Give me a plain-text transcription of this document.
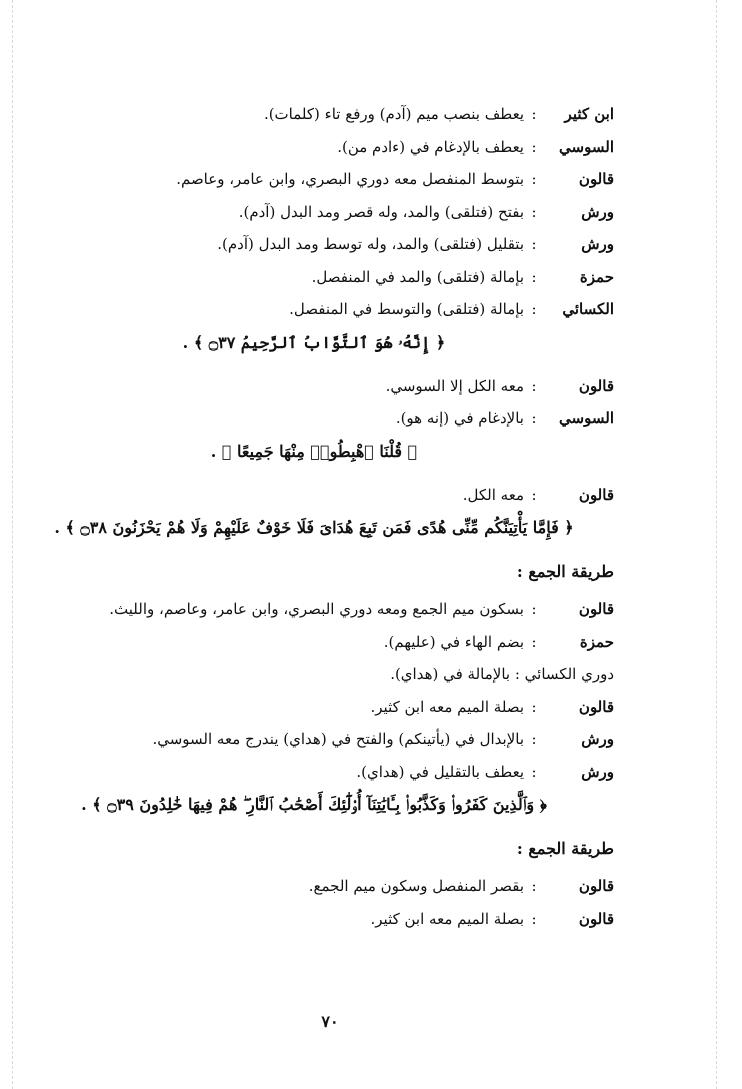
ابن كثير
:
يعطف بنصب ميم (آدم) ورفع تاء (كلمات).
السوسي
:
يعطف بالإدغام في (ءادم من).
قالون
:
بتوسط المنفصل معه دوري البصري، وابن عامر، وعاصم.
ورش
:
بفتح (فتلقى) والمد، وله قصر ومد البدل (آدم).
ورش
:
بتقليل (فتلقى) والمد، وله توسط ومد البدل (آدم).
حمزة
:
بإمالة (فتلقى) والمد في المنفصل.
الكسائي
:
بإمالة (فتلقى) والتوسط في المنفصل.
﴿ إِنَّهُۥ هُوَ ٱلتَّوَّابُ ٱلرَّحِيمُ ۝٣٧ ﴾ .
قالون
:
معه الكل إلا السوسي.
السوسي
:
بالإدغام في (إنه هو).
﴿ قُلْنَا ٱهْبِطُوا۟ مِنْهَا جَمِيعًا ﴾ .
قالون
:
معه الكل.
﴿ فَإِمَّا يَأْتِيَنَّكُم مِّنِّى هُدًى فَمَن تَبِعَ هُدَاىَ فَلَا خَوْفٌ عَلَيْهِمْ وَلَا هُمْ يَحْزَنُونَ ۝٣٨ ﴾ .
طريقة الجمع :
قالون
:
بسكون ميم الجمع ومعه دوري البصري، وابن عامر، وعاصم، والليث.
حمزة
:
بضم الهاء في (عليهم).
دوري الكسائي : بالإمالة في (هداي).
قالون
:
بصلة الميم معه ابن كثير.
ورش
:
بالإبدال في (يأتينكم) والفتح في (هداي) يندرج معه السوسي.
ورش
:
يعطف بالتقليل في (هداي).
﴿ وَٱلَّذِينَ كَفَرُوا۟ وَكَذَّبُوا۟ بِـَٔايَٰتِنَآ أُو۟لَٰٓئِكَ أَصْحَٰبُ ٱلنَّارِ ۖ هُمْ فِيهَا خَٰلِدُونَ ۝٣٩ ﴾ .
طريقة الجمع :
قالون
:
بقصر المنفصل وسكون ميم الجمع.
قالون
:
بصلة الميم معه ابن كثير.
٧٠
